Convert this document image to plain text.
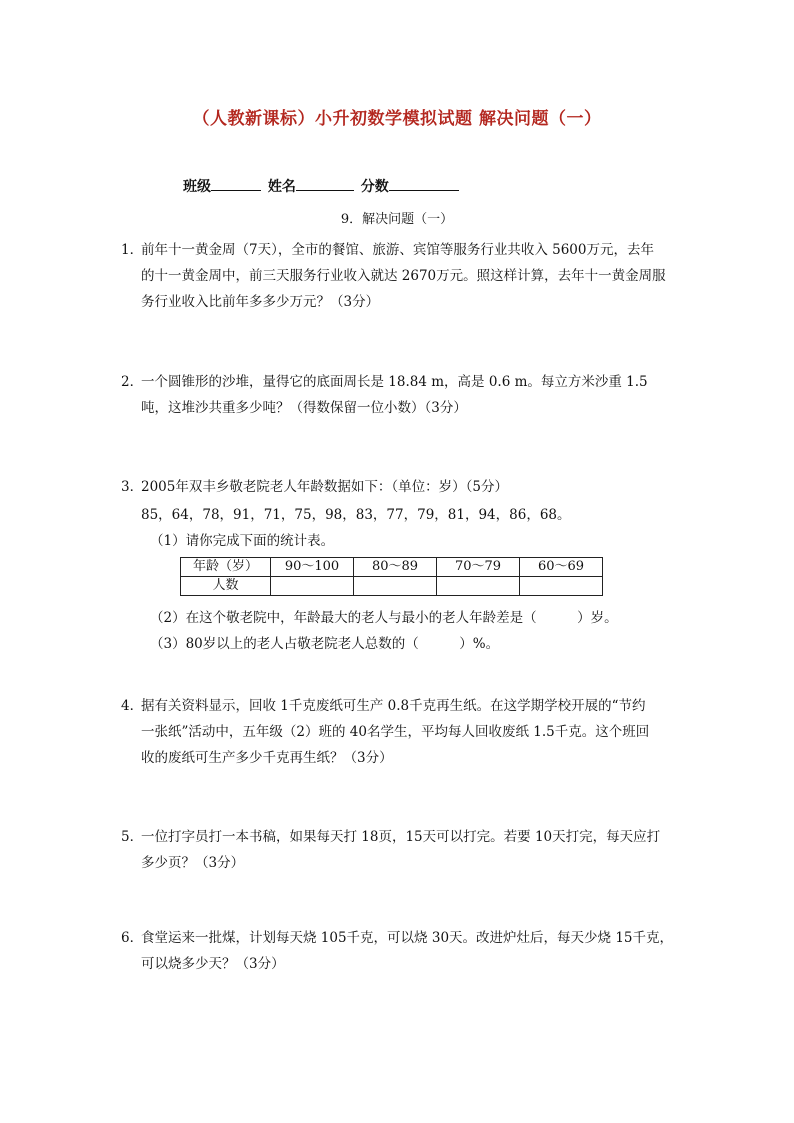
（人教新课标）小升初数学模拟试题 解决问题（一）
班级	姓名	分数
9．解决问题（一）
1．
前年十一黄金周（7天），全市的餐馆、旅游、宾馆等服务行业共收入 5600万元，去年
的十一黄金周中，前三天服务行业收入就达 2670万元。照这样计算，去年十一黄金周服
务行业收入比前年多多少万元？（3分）
2．
一个圆锥形的沙堆，量得它的底面周长是 18.84 m，高是 0.6 m。每立方米沙重 1.5
吨，这堆沙共重多少吨？（得数保留一位小数）（3分）
3．
2005年双丰乡敬老院老人年龄数据如下：（单位：岁）（5分）
85，64，78，91，71，75，98，83，77，79，81，94，86，68。
（1）请你完成下面的统计表。
年龄（岁）	90～100	80～89	70～79	60～69
人数				
（2）在这个敬老院中，年龄最大的老人与最小的老人年龄差是（　　　）岁。
（3）80岁以上的老人占敬老院老人总数的（　　　）%。
4．
据有关资料显示，回收 1千克废纸可生产 0.8千克再生纸。在这学期学校开展的“节约
一张纸”活动中，五年级（2）班的 40名学生，平均每人回收废纸 1.5千克。这个班回
收的废纸可生产多少千克再生纸？（3分）
5．
一位打字员打一本书稿，如果每天打 18页，15天可以打完。若要 10天打完，每天应打
多少页？（3分）
6．
食堂运来一批煤，计划每天烧 105千克，可以烧 30天。改进炉灶后，每天少烧 15千克，
可以烧多少天？（3分）
